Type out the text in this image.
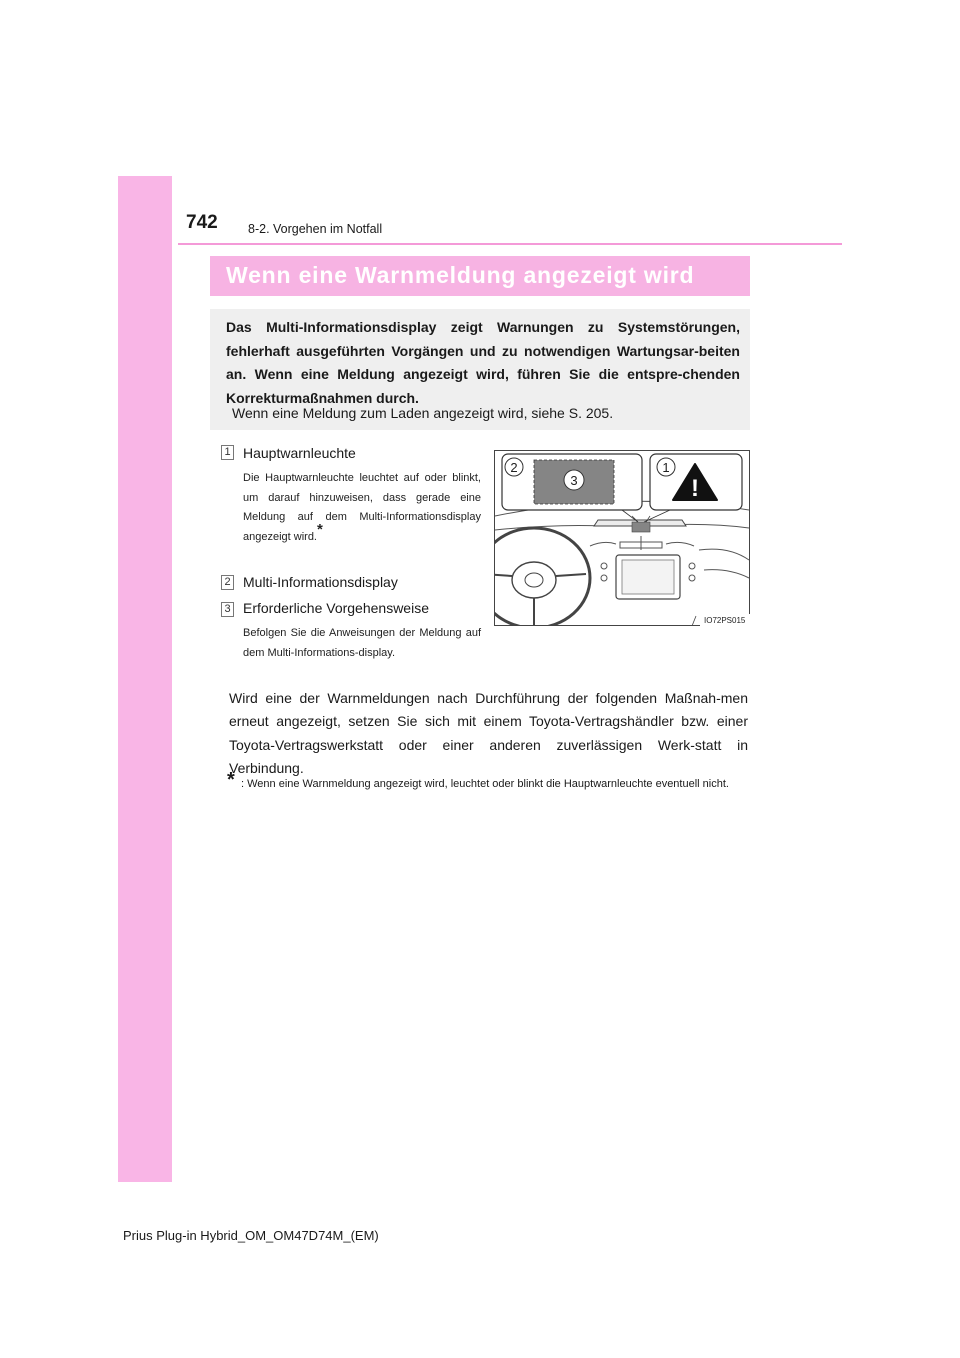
742 8-2. Vorgehen im Notfall
Wenn eine Warnmeldung angezeigt wird
Das Multi-Informationsdisplay zeigt Warnungen zu Systemstörungen, fehlerhaft ausgeführten Vorgängen und zu notwendigen Wartungsar-beiten an. Wenn eine Meldung angezeigt wird, führen Sie die entspre-chenden Korrekturmaßnahmen durch.
Wenn eine Meldung zum Laden angezeigt wird, siehe S. 205.
1 Hauptwarnleuchte
Die Hauptwarnleuchte leuchtet auf oder blinkt, um darauf hinzuweisen, dass gerade eine Meldung auf dem Multi-Informationsdisplay angezeigt wird.*
2 Multi-Informationsdisplay
3 Erforderliche Vorgehensweise
Befolgen Sie die Anweisungen der Meldung auf dem Multi-Informations-display.
2
3
1
!
IO72PS015
Wird eine der Warnmeldungen nach Durchführung der folgenden Maßnah-men erneut angezeigt, setzen Sie sich mit einem Toyota-Vertragshändler bzw. einer Toyota-Vertragswerkstatt oder einer anderen zuverlässigen Werk-statt in Verbindung.
* : Wenn eine Warnmeldung angezeigt wird, leuchtet oder blinkt die Hauptwarnleuchte eventuell nicht.
Prius Plug-in Hybrid_OM_OM47D74M_(EM)
